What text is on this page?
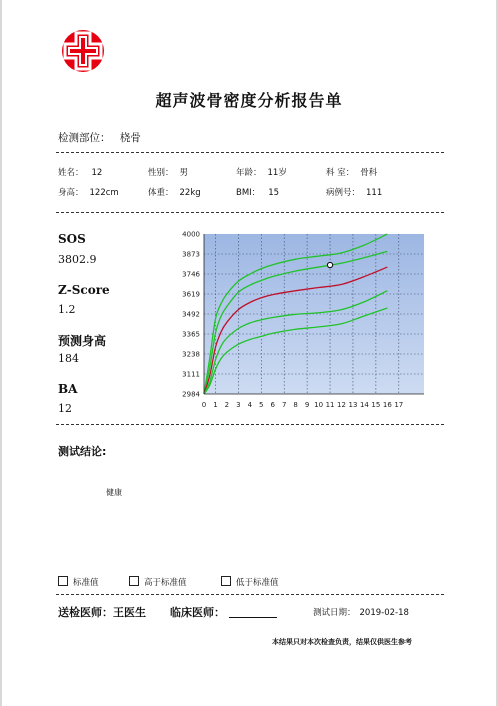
超声波骨密度分析报告单
检测部位： 桡骨
姓名： 12	性别： 男	年龄： 11岁	科 室： 骨科
身高： 122cm	体重： 22kg	BMI： 15	病例号： 111
SOS
3802.9
Z-Score
1.2
预测身高
184
BA
12
2984
3111
3238
3365
3492
3619
3746
3873
4000
0 1 2 3 4 5 6 7 8 9 10 11 12 13 14 15 16 17
测试结论:
健康
标准值	高于标准值	低于标准值
送检医师：王医生 临床医师：	测试日期： 2019-02-18
本结果只对本次检查负责，结果仅供医生参考
